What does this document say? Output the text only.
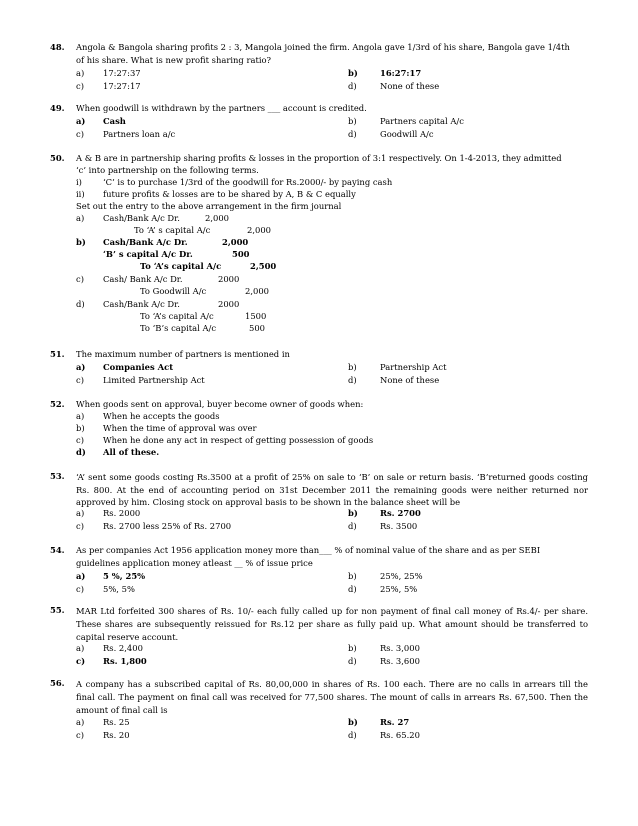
48. Angola & Bangola sharing profits 2 : 3, Mangola joined the firm. Angola gave 1/3rd of his share, Bangola gave 1/4th
of his share. What is new profit sharing ratio?
a) 17:27:37	b)	16:27:17
c) 17:27:17	d)	None of these
49. When goodwill is withdrawn by the partners ___ account is credited.
a) Cash	b)	Partners capital A/c
c) Partners loan a/c	d)	Goodwill A/c
50. A & B are in partnership sharing profits & losses in the proportion of 3:1 respectively. On 1-4-2013, they admitted
‘c’ into partnership on the following terms.
i)	‘C’ is to purchase 1/3rd of the goodwill for Rs.2000/- by paying cash
ii) future profits & losses are to be shared by A, B & C equally
Set out the entry to the above arrangement in the firm journal
a) Cash/Bank A/c Dr.	2,000
To ‘A’ s capital A/c	2,000
b) Cash/Bank A/c Dr.	2,000
‘B’ s capital A/c Dr.	500
To ‘A’s capital A/c	2,500
c) Cash/ Bank A/c Dr.	2000
To Goodwill A/c	2,000
d) Cash/Bank A/c Dr.	2000
To ‘A’s capital A/c	1500
To ‘B’s capital A/c	500
51. The maximum number of partners is mentioned in
a) Companies Act	b)	Partnership Act
c) Limited Partnership Act	d)	None of these
52. When goods sent on approval, buyer become owner of goods when:
a) When he accepts the goods
b) When the time of approval was over
c) When he done any act in respect of getting possession of goods
d) All of these.
53. ‘A’ sent some goods costing Rs.3500 at a profit of 25% on sale to ‘B’ on sale or return basis. ‘B’returned goods costing Rs. 800. At the end of accounting period on 31st December 2011 the remaining goods were neither returned nor approved by him. Closing stock on approval basis to be shown in the balance sheet will be
a) Rs. 2000	b)	Rs. 2700
c) Rs. 2700 less 25% of Rs. 2700	d)	Rs. 3500
54. As per companies Act 1956 application money more than___ % of nominal value of the share and as per SEBI
guidelines application money atleast __ % of issue price
a) 5 %, 25%	b)	25%, 25%
c) 5%, 5%	d)	25%, 5%
55. MAR Ltd forfeited 300 shares of Rs. 10/- each fully called up for non payment of final call money of Rs.4/- per share. These shares are subsequently reissued for Rs.12 per share as fully paid up. What amount should be transferred to capital reserve account.
a) Rs. 2,400	b)	Rs. 3,000
c) Rs. 1,800	d)	Rs. 3,600
56. A company has a subscribed capital of Rs. 80,00,000 in shares of Rs. 100 each. There are no calls in arrears till the final call. The payment on final call was received for 77,500 shares. The mount of calls in arrears Rs. 67,500. Then the amount of final call is
a) Rs. 25	b)	Rs. 27
c) Rs. 20	d)	Rs. 65.20
